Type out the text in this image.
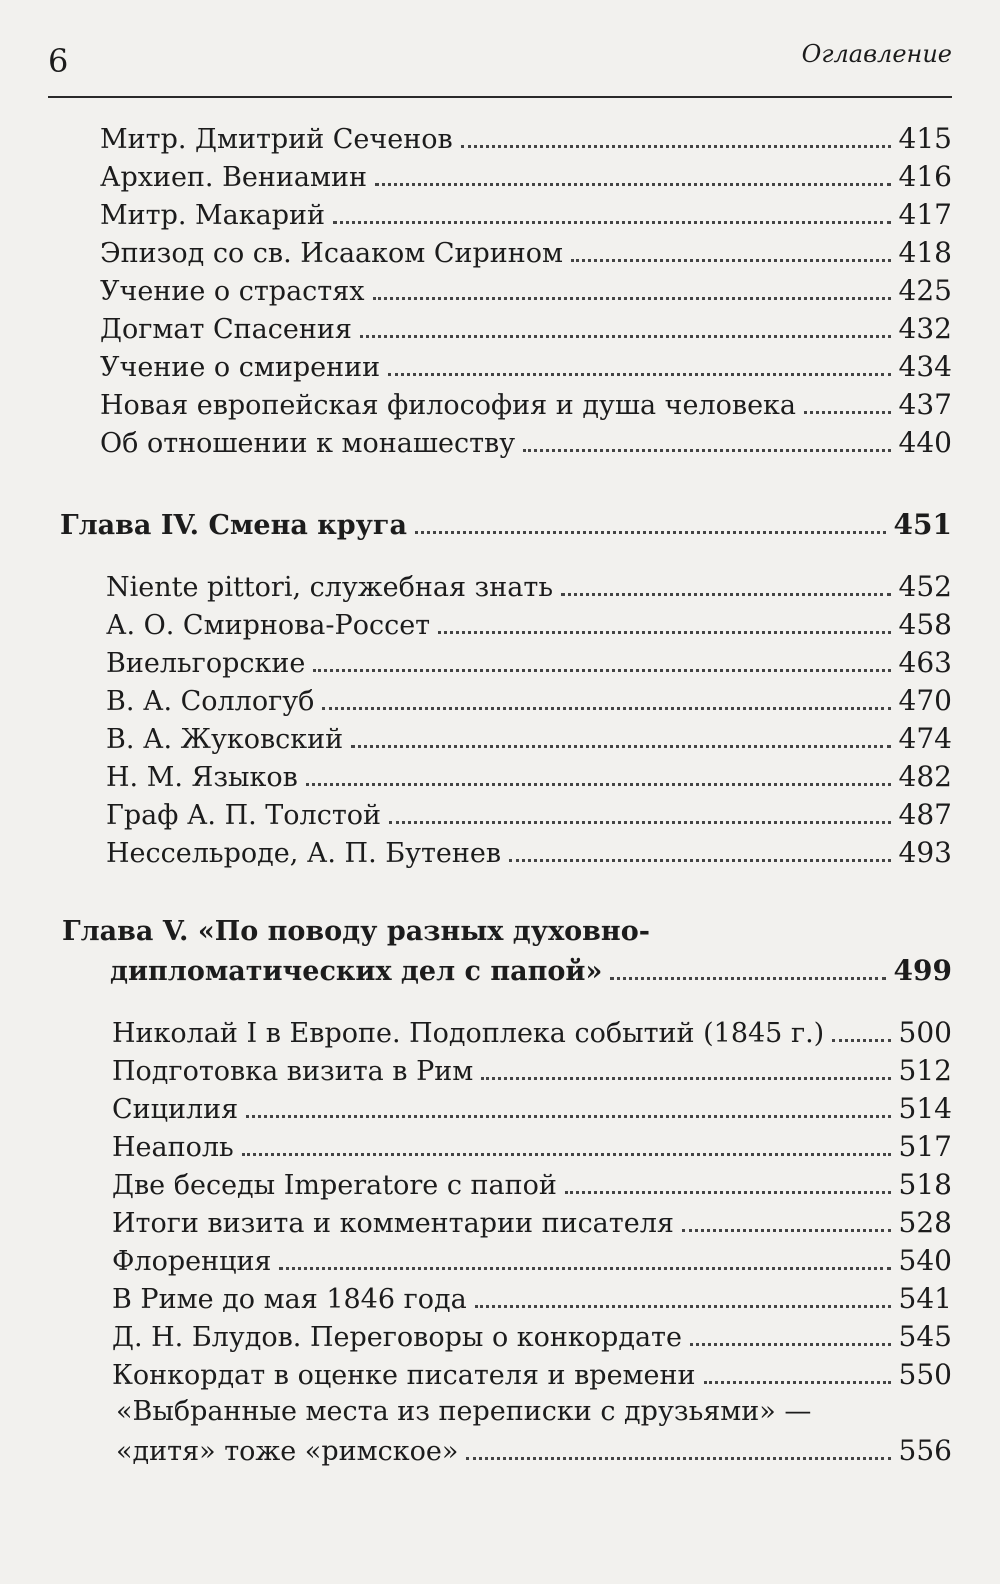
6	Оглавление
Митр. Дмитрий Сеченов	415
Архиеп. Вениамин	416
Митр. Макарий	417
Эпизод со св. Исааком Сирином	418
Учение о страстях	425
Догмат Спасения	432
Учение о смирении	434
Новая европейская философия и душа человека	437
Об отношении к монашеству	440
Глава IV. Смена круга	451
Niente pittori, служебная знать	452
А. О. Смирнова-Россет	458
Виельгорские	463
В. А. Соллогуб	470
В. А. Жуковский	474
Н. М. Языков	482
Граф А. П. Толстой	487
Нессельроде, А. П. Бутенев	493
Глава V. «По поводу разных духовно-
дипломатических дел с папой»	499
Николай I в Европе. Подоплека событий (1845 г.)	500
Подготовка визита в Рим	512
Сицилия	514
Неаполь	517
Две беседы Imperatore с папой	518
Итоги визита и комментарии писателя	528
Флоренция	540
В Риме до мая 1846 года	541
Д. Н. Блудов. Переговоры о конкордате	545
Конкордат в оценке писателя и времени	550
«Выбранные места из переписки с друзьями» —
«дитя» тоже «римское»	556
